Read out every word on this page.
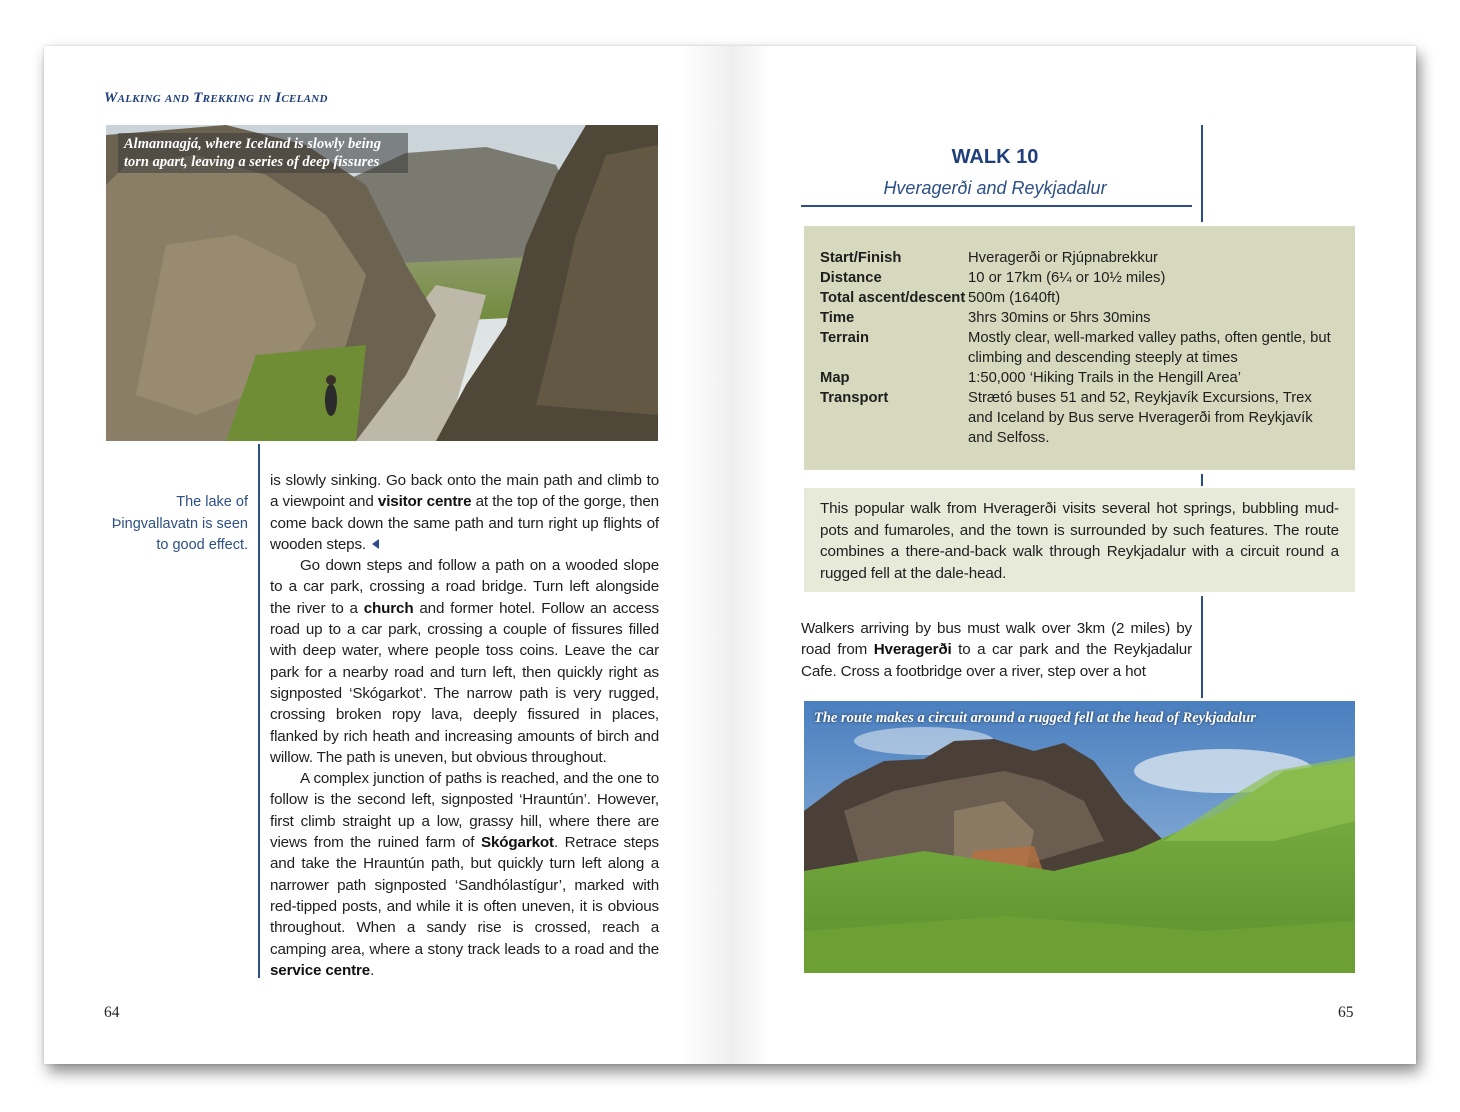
Walking and Trekking in Iceland
Almannagjá, where Iceland is slowly being torn apart, leaving a series of deep fissures
The lake of Þingvallavatn is seen to good effect.

is slowly sinking. Go back onto the main path and climb to a viewpoint and visitor centre at the top of the gorge, then come back down the same path and turn right up flights of wooden steps.

Go down steps and follow a path on a wooded slope to a car park, crossing a road bridge. Turn left alongside the river to a church and former hotel. Follow an access road up to a car park, crossing a couple of fissures filled with deep water, where people toss coins. Leave the car park for a nearby road and turn left, then quickly right as signposted ‘Skógarkot’. The narrow path is very rugged, crossing broken ropy lava, deeply fissured in places, flanked by rich heath and increasing amounts of birch and willow. The path is uneven, but obvious throughout.

A complex junction of paths is reached, and the one to follow is the second left, signposted ‘Hrauntún’. However, first climb straight up a low, grassy hill, where there are views from the ruined farm of Skógarkot. Retrace steps and take the Hrauntún path, but quickly turn left along a narrower path signposted ‘Sandhólastígur’, marked with red-tipped posts, and while it is often uneven, it is obvious throughout. When a sandy rise is crossed, reach a camping area, where a stony track leads to a road and the service centre.

64
WALK 10
Hveragerði and Reykjadalur
Start/Finish	Hveragerði or Rjúpnabrekkur
Distance	10 or 17km (6¼ or 10½ miles)
Total ascent/descent 500m (1640ft)
Time	3hrs 30mins or 5hrs 30mins
Terrain	Mostly clear, well-marked valley paths, often gentle, but climbing and descending steeply at times
Map	1:50,000 ‘Hiking Trails in the Hengill Area’
Transport	Strætó buses 51 and 52, Reykjavík Excursions, Trex and Iceland by Bus serve Hveragerði from Reykjavík and Selfoss.
This popular walk from Hveragerði visits several hot springs, bubbling mud-pots and fumaroles, and the town is surrounded by such features. The route combines a there-and-back walk through Reykjadalur with a circuit round a rugged fell at the dale-head.
Walkers arriving by bus must walk over 3km (2 miles) by road from Hveragerði to a car park and the Reykjadalur Cafe. Cross a footbridge over a river, step over a hot
The route makes a circuit around a rugged fell at the head of Reykjadalur
65
